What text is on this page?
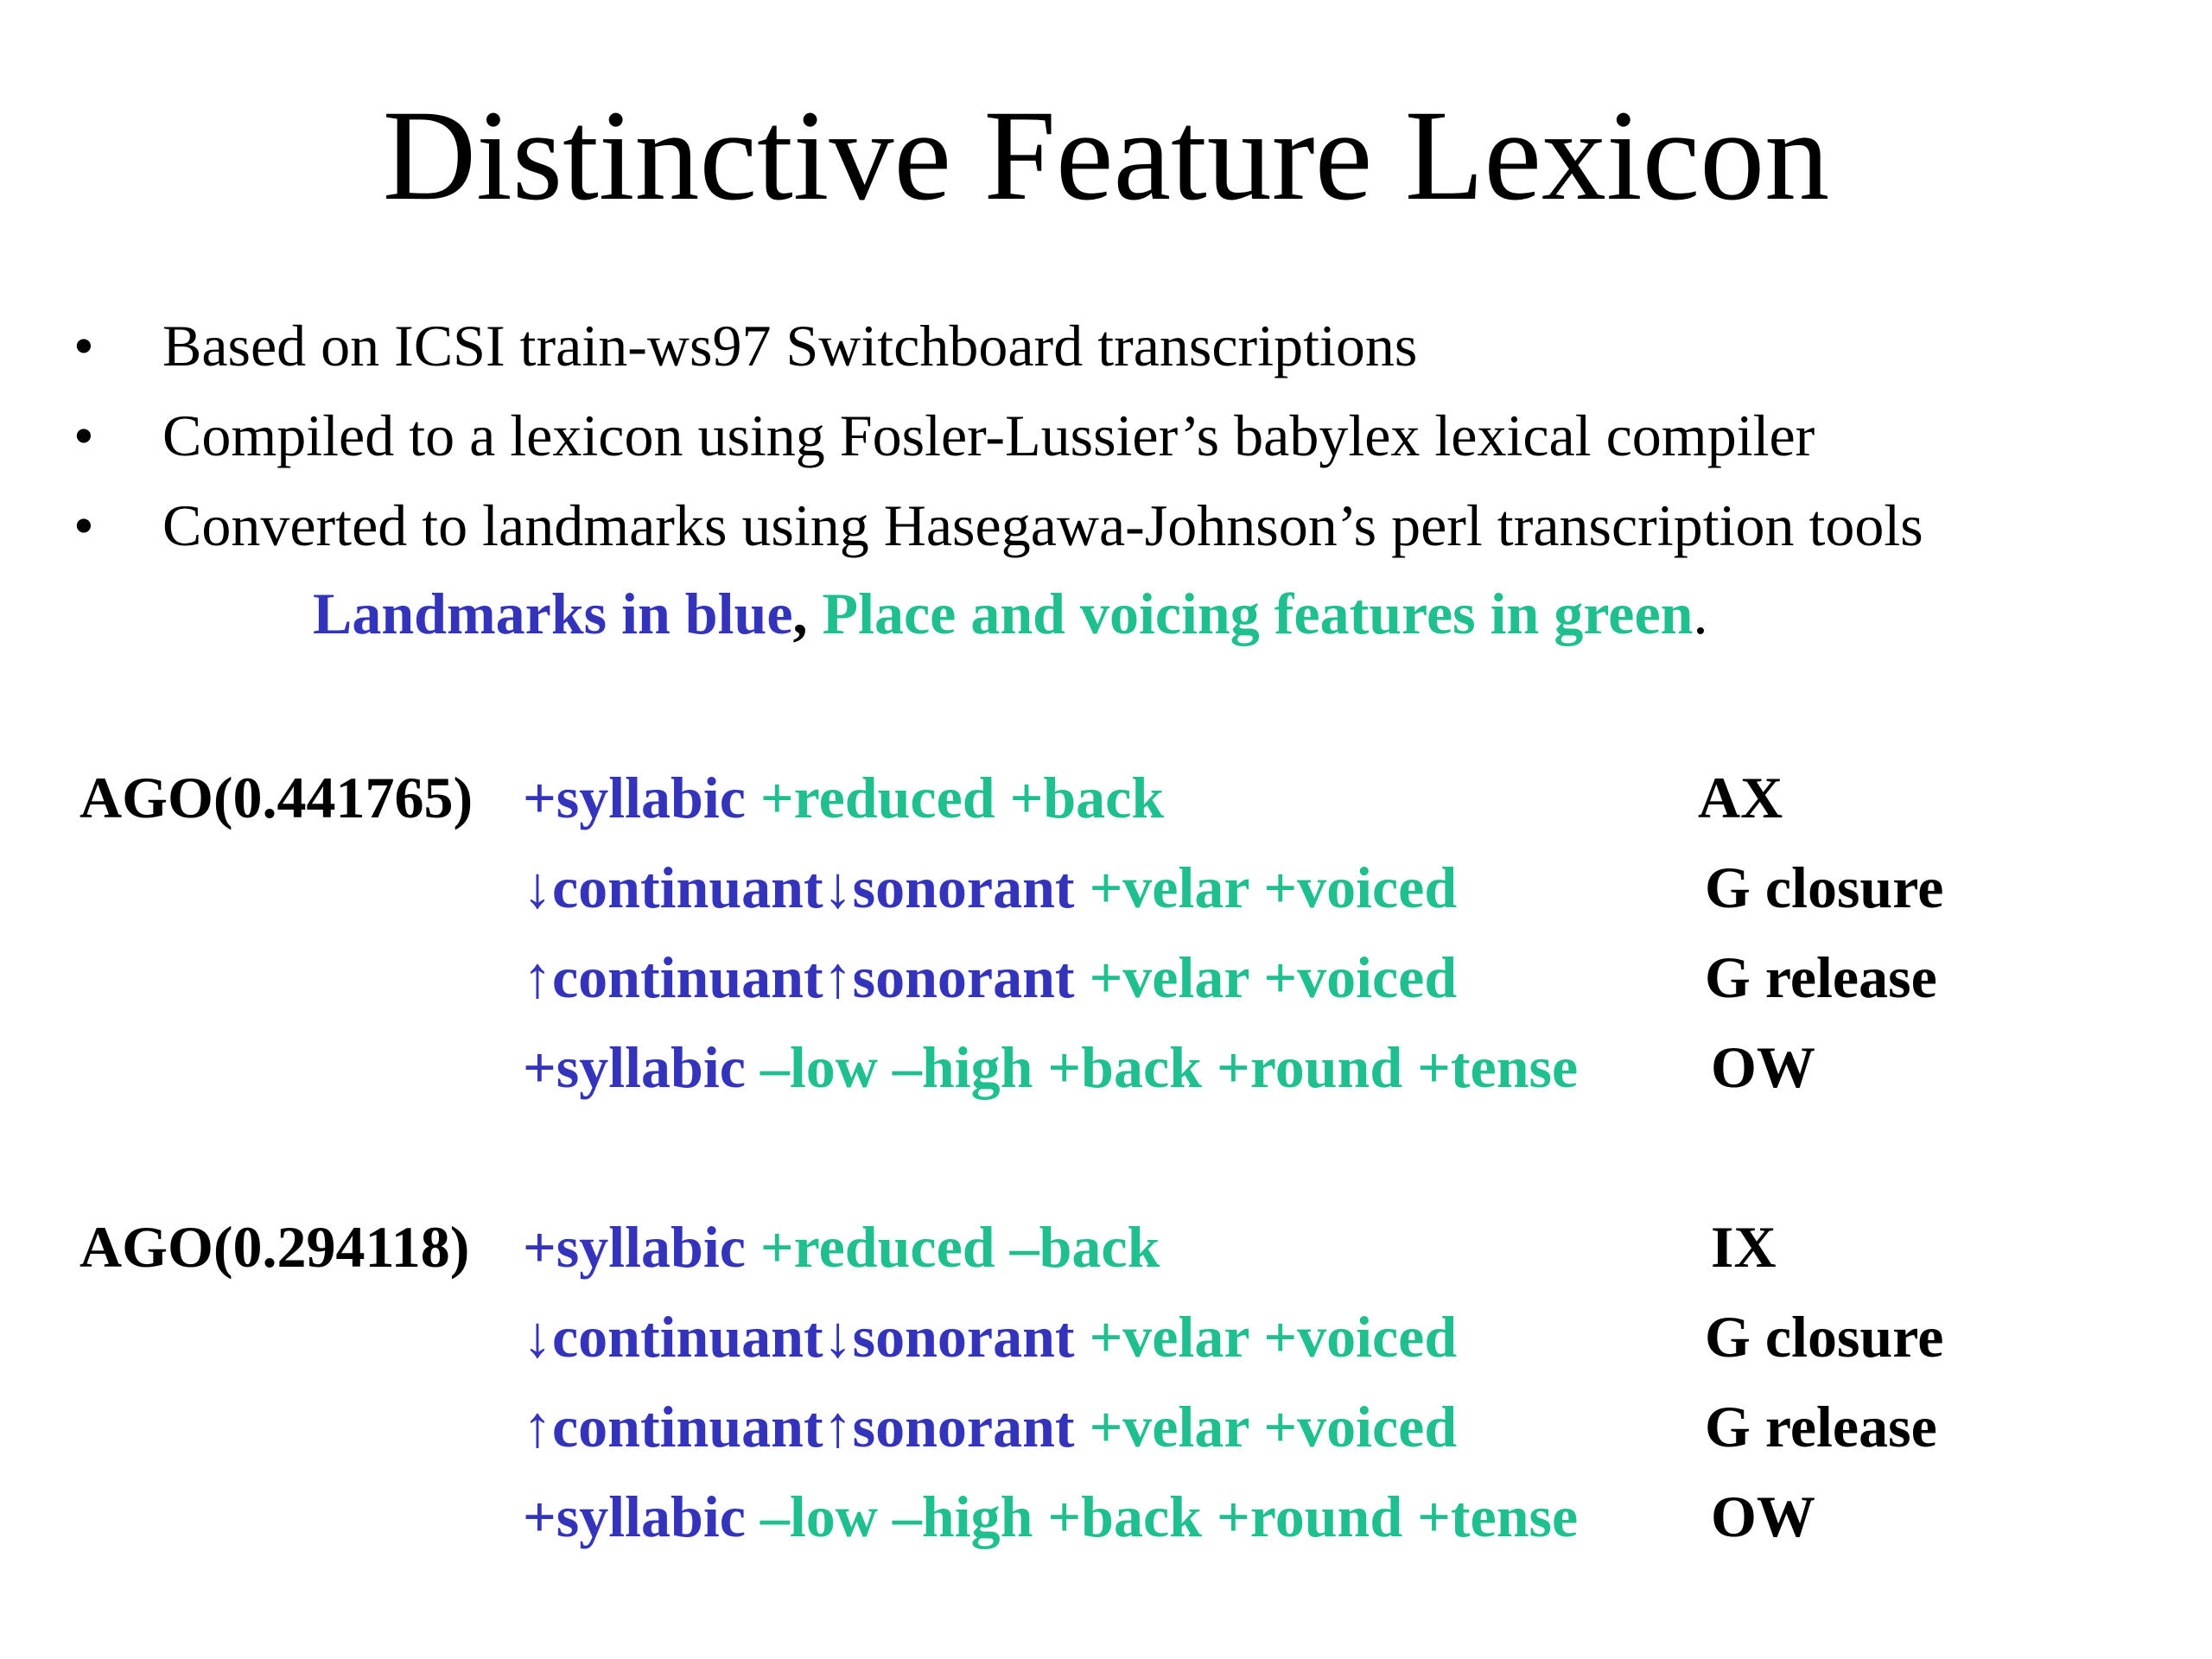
Distinctive Feature Lexicon
• Based on ICSI train-ws97 Switchboard transcriptions
• Compiled to a lexicon using Fosler-Lussier’s babylex lexical compiler
• Converted to landmarks using Hasegawa-Johnson’s perl transcription tools
Landmarks in blue, Place and voicing features in green.
AGO(0.441765) +syllabic +reduced +back	AX
↓continuant↓sonorant +velar +voiced	G closure
↑continuant↑sonorant +velar +voiced	G release
+syllabic –low –high +back +round +tense OW
AGO(0.294118) +syllabic +reduced –back	IX
↓continuant↓sonorant +velar +voiced	G closure
↑continuant↑sonorant +velar +voiced	G release
+syllabic –low –high +back +round +tense OW
